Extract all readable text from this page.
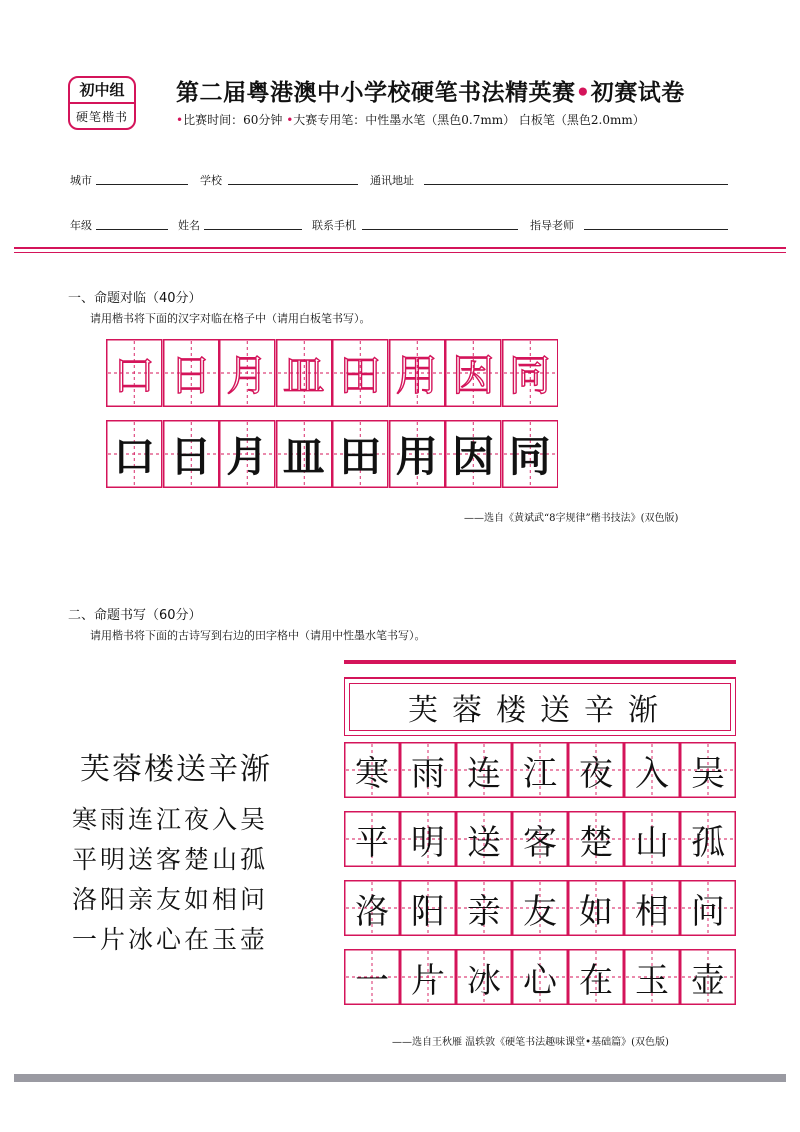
初中组
硬笔楷书
第二届粤港澳中小学校硬笔书法精英赛•初赛试卷
•比赛时间：60分钟 •大赛专用笔：中性墨水笔（黑色0.7mm） 白板笔（黑色2.0mm）
城市	学校	通讯地址
年级	姓名	联系手机	指导老师
一、命题对临（40分）
请用楷书将下面的汉字对临在格子中（请用白板笔书写）。
口
口
日
日
月
月
皿
皿
田
田
用
用
因
因
同
同
——选自《黄斌武“8字规律”楷书技法》(双色版)
二、命题书写（60分）
请用楷书将下面的古诗写到右边的田字格中（请用中性墨水笔书写）。
芙蓉楼送辛渐
寒 雨 连 江 夜 入 吴
平 明 送 客 楚 山 孤
洛 阳 亲 友 如 相 问
一 片 冰 心 在 玉 壶
芙蓉楼送辛渐
寒雨连江夜入吴
平明送客楚山孤
洛阳亲友如相问
一片冰心在玉壶
——选自王秋雁 温轶敦《硬笔书法趣味课堂•基础篇》(双色版)
